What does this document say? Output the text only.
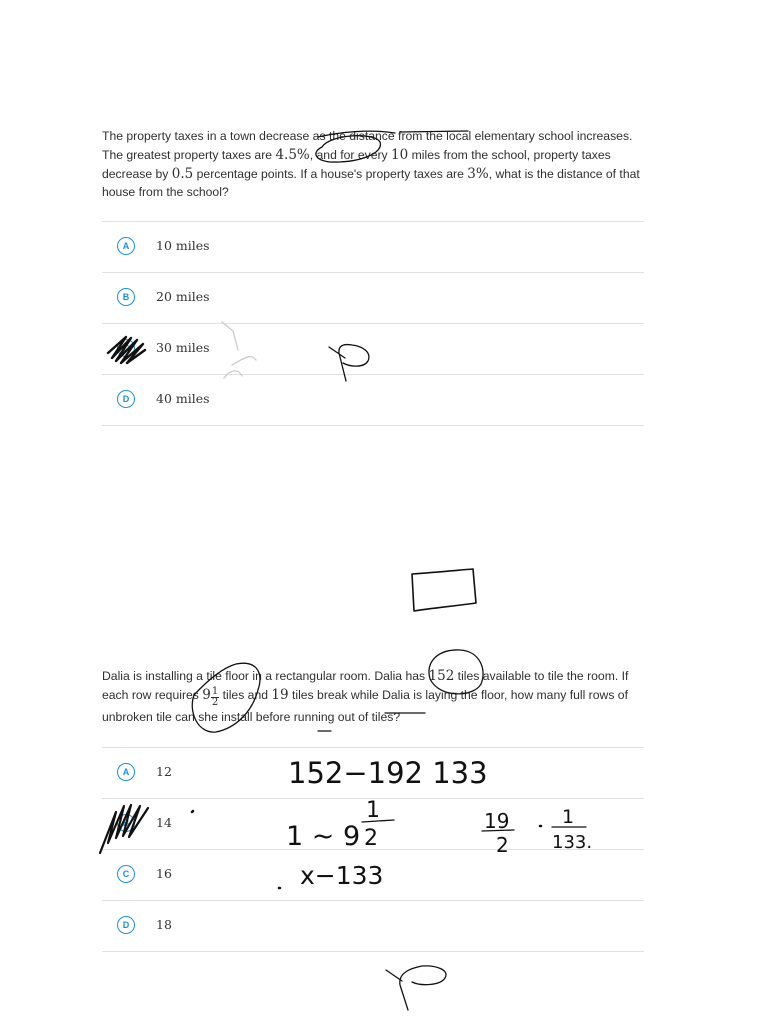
The property taxes in a town decrease as the distance from the local elementary school increases. The greatest property taxes are 4.5%, and for every 10 miles from the school, property taxes decrease by 0.5 percentage points. If a house's property taxes are 3%, what is the distance of that house from the school?

A	10 miles
B	20 miles
C	30 miles
D	40 miles

Dalia is installing a tile floor in a rectangular room. Dalia has 152 tiles available to tile the room. If each row requires $9 \frac{1}{2}$ tiles and 19 tiles break while Dalia is laying the floor, how many full rows of unbroken tile can she install before running out of tiles?

A	12
B	14
C	16
D	18
152−192 133
1 ~ 9
1
2
19
2
1
133.
x−133
